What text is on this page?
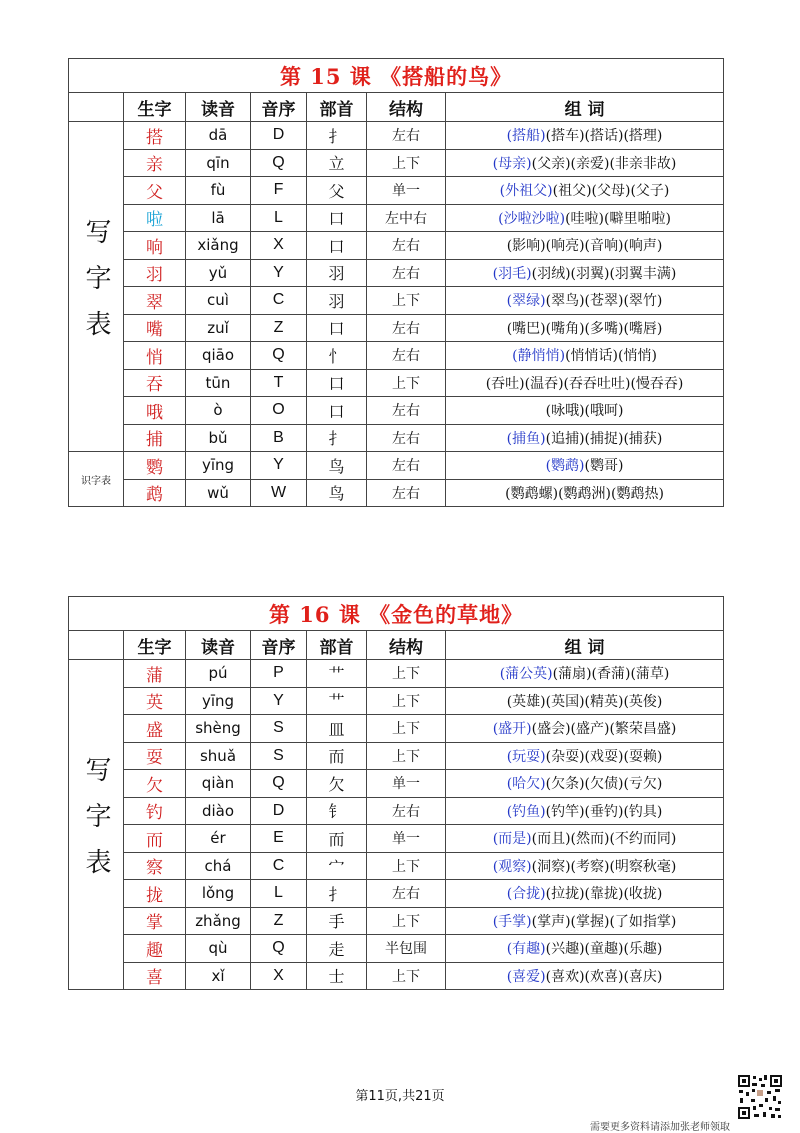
第 15 课 《搭船的鸟》						
	生字	读音	音序	部首	结构	组 词

写字表	搭	dā	D	扌	左右	(搭船)(搭车)(搭话)(搭理)
	亲	qīn	Q	立	上下	(母亲)(父亲)(亲爱)(非亲非故)
	父	fù	F	父	单一	(外祖父)(祖父)(父母)(父子)
	啦	lā	L	口	左中右	(沙啦沙啦)(哇啦)(噼里啪啦)
	响	xiǎng	X	口	左右	(影响)(响亮)(音响)(响声)
	羽	yǔ	Y	羽	左右	(羽毛)(羽绒)(羽翼)(羽翼丰满)
	翠	cuì	C	羽	上下	(翠绿)(翠鸟)(苍翠)(翠竹)
	嘴	zuǐ	Z	口	左右	(嘴巴)(嘴角)(多嘴)(嘴唇)
	悄	qiāo	Q	忄	左右	(静悄悄)(悄悄话)(悄悄)
	吞	tūn	T	口	上下	(吞吐)(温吞)(吞吞吐吐)(慢吞吞)
	哦	ò	O	口	左右	(咏哦)(哦呵)
	捕	bǔ	B	扌	左右	(捕鱼)(追捕)(捕捉)(捕获)
识字表	鹦	yīng	Y	鸟	左右	(鹦鹉)(鹦哥)
	鹉	wǔ	W	鸟	左右	(鹦鹉螺)(鹦鹉洲)(鹦鹉热)
第 16 课 《金色的草地》						
	生字	读音	音序	部首	结构	组 词

写字表	蒲	pú	P	艹	上下	(蒲公英)(蒲扇)(香蒲)(蒲草)
	英	yīng	Y	艹	上下	(英雄)(英国)(精英)(英俊)
	盛	shèng	S	皿	上下	(盛开)(盛会)(盛产)(繁荣昌盛)
	耍	shuǎ	S	而	上下	(玩耍)(杂耍)(戏耍)(耍赖)
	欠	qiàn	Q	欠	单一	(哈欠)(欠条)(欠债)(亏欠)
	钓	diào	D	钅	左右	(钓鱼)(钓竿)(垂钓)(钓具)
	而	ér	E	而	单一	(而是)(而且)(然而)(不约而同)
	察	chá	C	宀	上下	(观察)(洞察)(考察)(明察秋毫)
	拢	lǒng	L	扌	左右	(合拢)(拉拢)(靠拢)(收拢)
	掌	zhǎng	Z	手	上下	(手掌)(掌声)(掌握)(了如指掌)
	趣	qù	Q	走	半包围	(有趣)(兴趣)(童趣)(乐趣)
	喜	xǐ	X	士	上下	(喜爱)(喜欢)(欢喜)(喜庆)
第11页,共21页
需要更多资料请添加张老师领取
